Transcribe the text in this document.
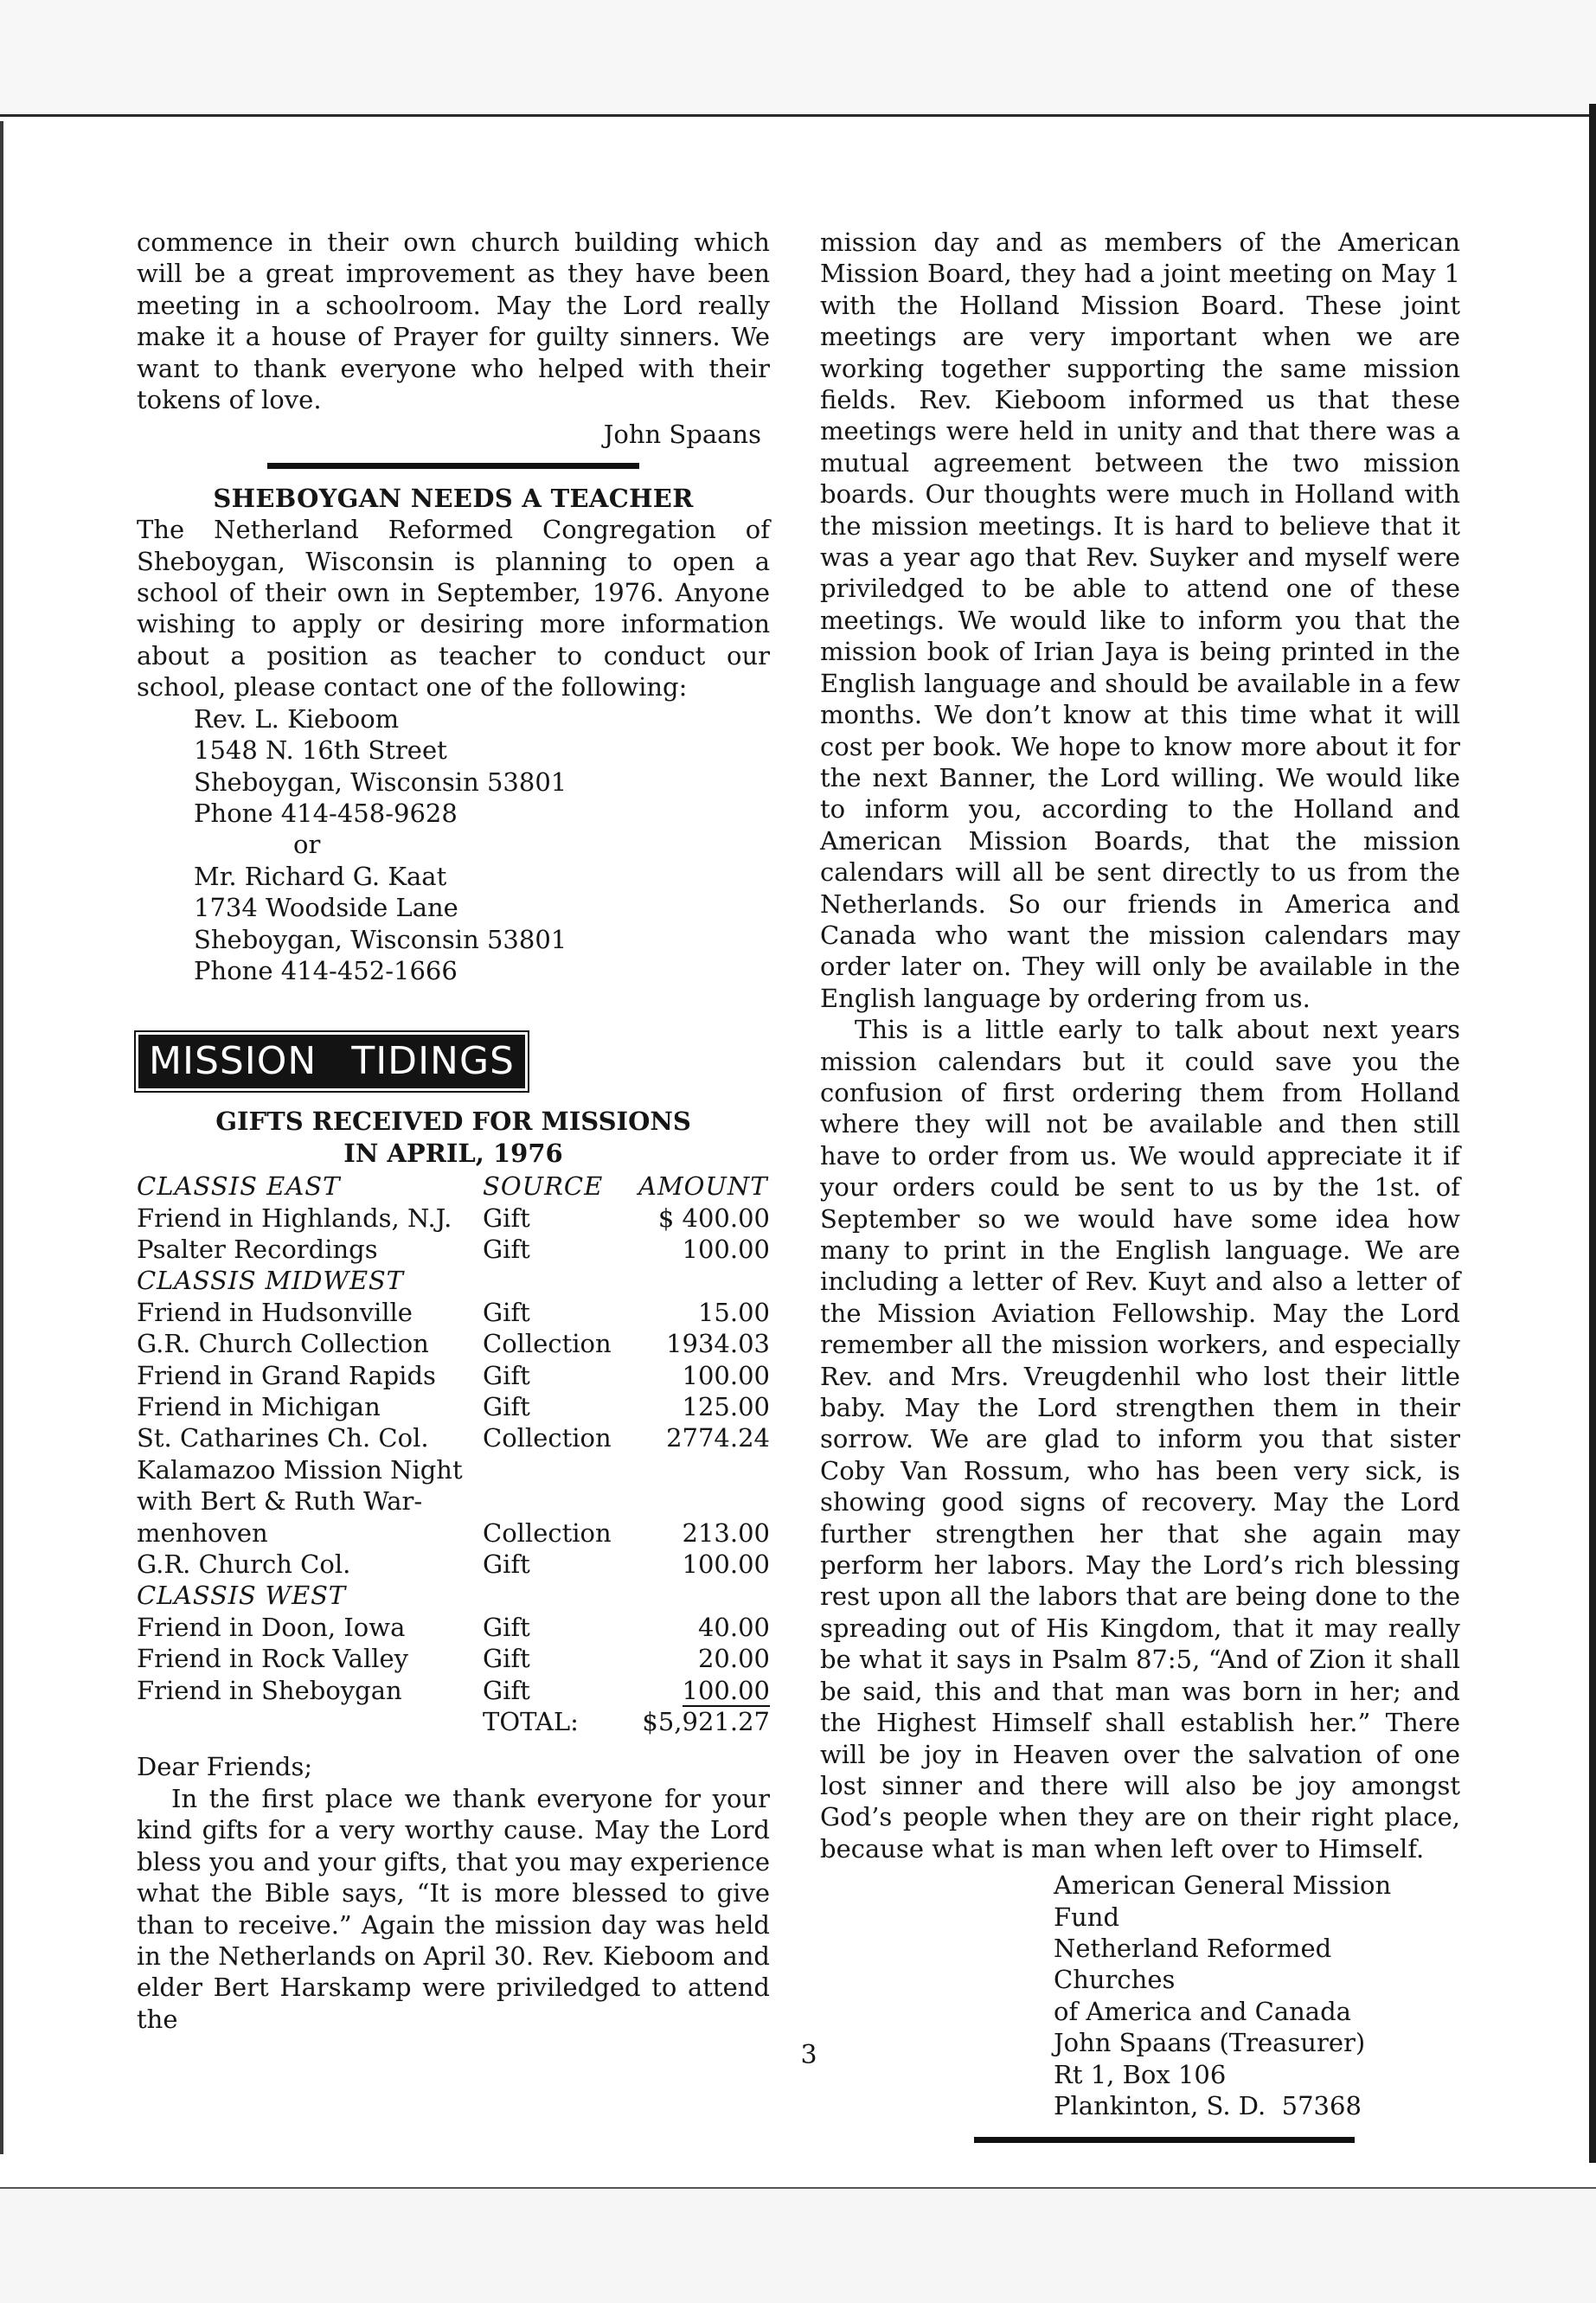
commence in their own church building which will be a great improvement as they have been meeting in a schoolroom. May the Lord really make it a house of Prayer for guilty sinners. We want to thank everyone who helped with their tokens of love.

John Spaans

SHEBOYGAN NEEDS A TEACHER

The Netherland Reformed Congregation of Sheboygan, Wisconsin is planning to open a school of their own in September, 1976. Anyone wishing to apply or desiring more information about a position as teacher to conduct our school, please contact one of the following:

Rev. L. Kieboom
1548 N. 16th Street
Sheboygan, Wisconsin 53801
Phone 414-458-9628
or
Mr. Richard G. Kaat
1734 Woodside Lane
Sheboygan, Wisconsin 53801
Phone 414-452-1666
MISSION TIDINGS
GIFTS RECEIVED FOR MISSIONS
IN APRIL, 1976
CLASSIS EAST	SOURCE	AMOUNT
Friend in Highlands, N.J.	Gift	$ 400.00
Psalter Recordings	Gift	100.00
CLASSIS MIDWEST		
Friend in Hudsonville	Gift	15.00
G.R. Church Collection	Collection	1934.03
Friend in Grand Rapids	Gift	100.00
Friend in Michigan	Gift	125.00
St. Catharines Ch. Col.	Collection	2774.24
Kalamazoo Mission Night		
with Bert & Ruth War-		
menhoven	Collection	213.00
G.R. Church Col.	Gift	100.00
CLASSIS WEST		
Friend in Doon, Iowa	Gift	40.00
Friend in Rock Valley	Gift	20.00
Friend in Sheboygan	Gift	100.00
	TOTAL:	$5,921.27

Dear Friends;

In the first place we thank everyone for your kind gifts for a very worthy cause. May the Lord bless you and your gifts, that you may experience what the Bible says, “It is more blessed to give than to receive.” Again the mission day was held in the Netherlands on April 30. Rev. Kieboom and elder Bert Harskamp were priviledged to attend the

mission day and as members of the American Mission Board, they had a joint meeting on May 1 with the Holland Mission Board. These joint meetings are very important when we are working together supporting the same mission fields. Rev. Kieboom informed us that these meetings were held in unity and that there was a mutual agreement between the two mission boards. Our thoughts were much in Holland with the mission meetings. It is hard to believe that it was a year ago that Rev. Suyker and myself were priviledged to be able to attend one of these meetings. We would like to inform you that the mission book of Irian Jaya is being printed in the English language and should be available in a few months. We don’t know at this time what it will cost per book. We hope to know more about it for the next Banner, the Lord willing. We would like to inform you, according to the Holland and American Mission Boards, that the mission calendars will all be sent directly to us from the Netherlands. So our friends in America and Canada who want the mission calendars may order later on. They will only be available in the English language by ordering from us.

This is a little early to talk about next years mission calendars but it could save you the confusion of first ordering them from Holland where they will not be available and then still have to order from us. We would appreciate it if your orders could be sent to us by the 1st. of September so we would have some idea how many to print in the English language. We are including a letter of Rev. Kuyt and also a letter of the Mission Aviation Fellowship. May the Lord remember all the mission workers, and especially Rev. and Mrs. Vreugdenhil who lost their little baby. May the Lord strengthen them in their sorrow. We are glad to inform you that sister Coby Van Rossum, who has been very sick, is showing good signs of recovery. May the Lord further strengthen her that she again may perform her labors. May the Lord’s rich blessing rest upon all the labors that are being done to the spreading out of His Kingdom, that it may really be what it says in Psalm 87:5, “And of Zion it shall be said, this and that man was born in her; and the Highest Himself shall establish her.” There will be joy in Heaven over the salvation of one lost sinner and there will also be joy amongst God’s people when they are on their right place, because what is man when left over to Himself.

American General Mission Fund
Netherland Reformed Churches
of America and Canada
John Spaans (Treasurer)
Rt 1, Box 106
Plankinton, S. D.  57368
3
